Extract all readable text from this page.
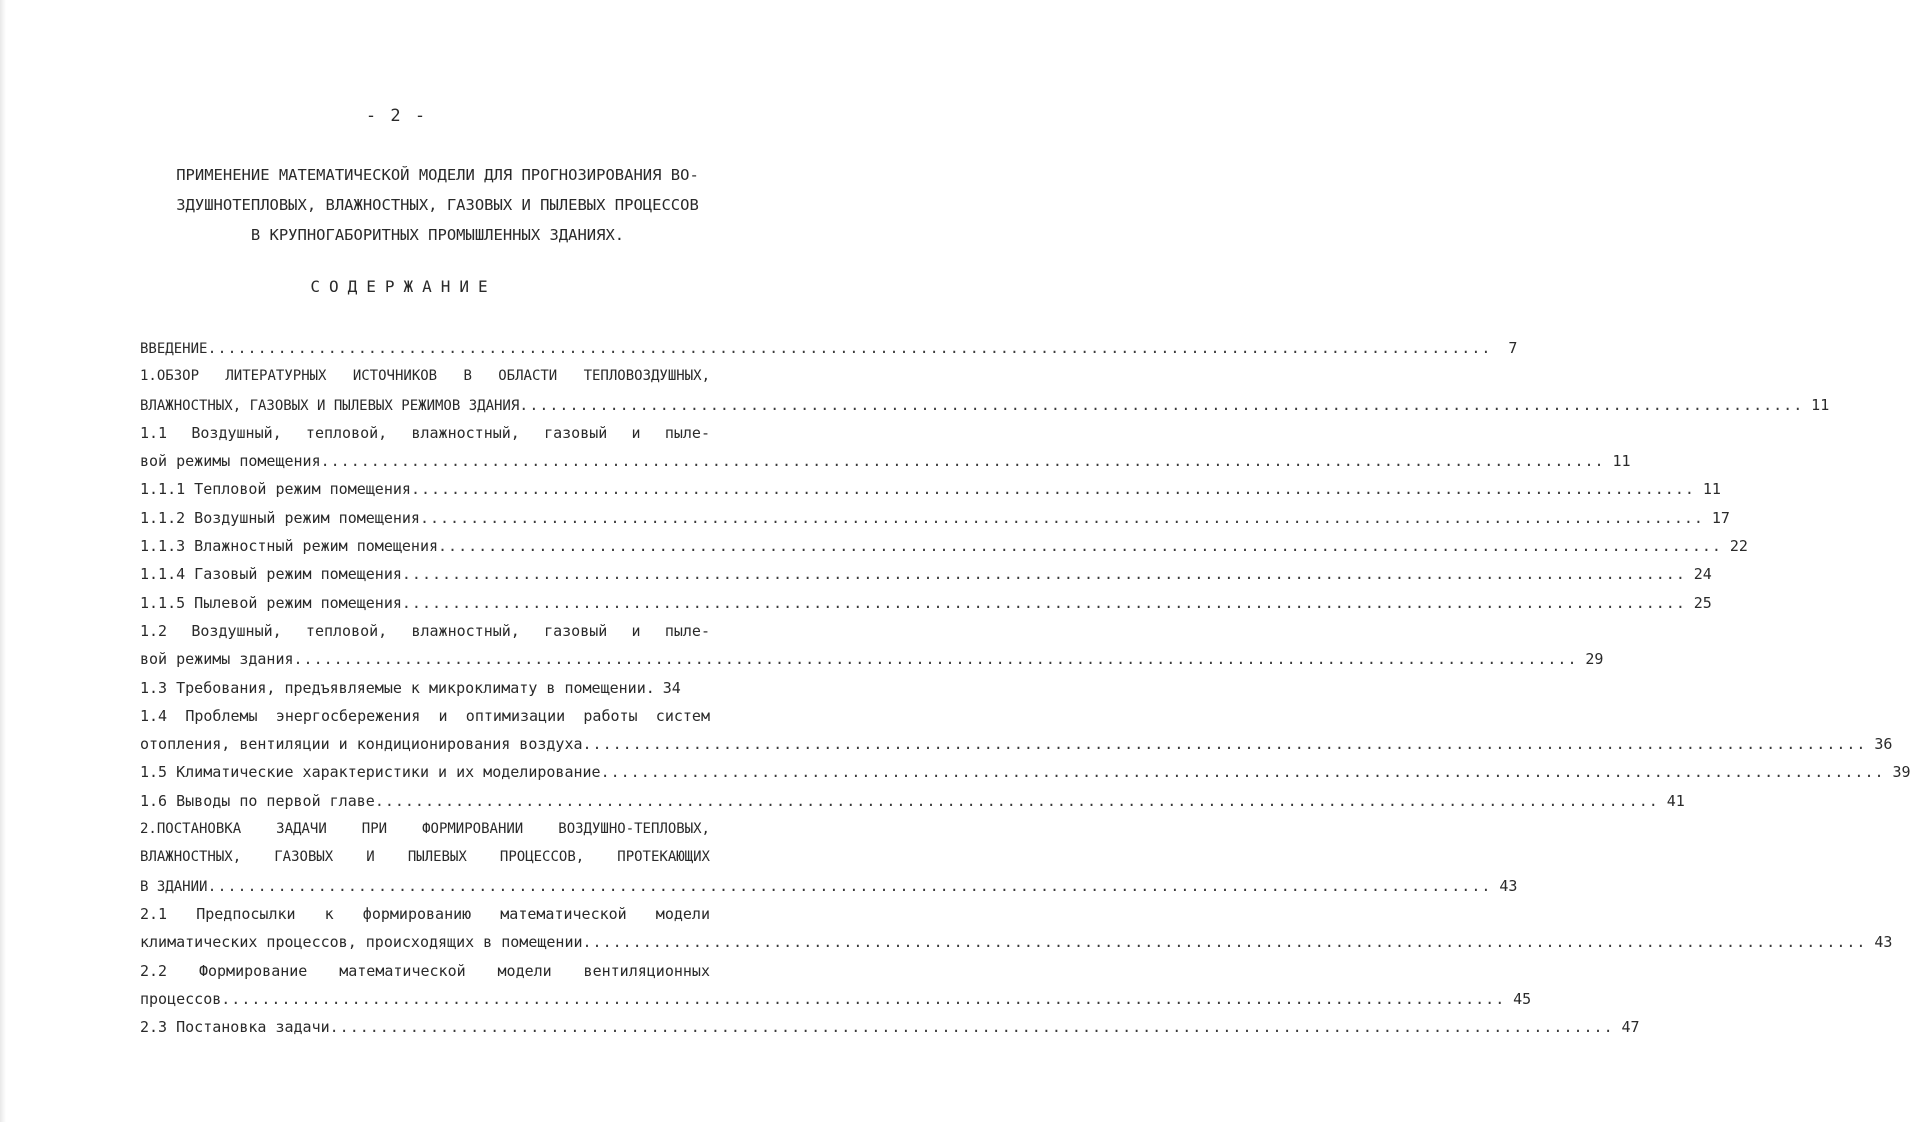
- 2 -
ПРИМЕНЕНИЕ МАТЕМАТИЧЕСКОЙ МОДЕЛИ ДЛЯ ПРОГНОЗИРОВАНИЯ ВО-
ЗДУШНОТЕПЛОВЫХ, ВЛАЖНОСТНЫХ, ГАЗОВЫХ И ПЫЛЕВЫХ ПРОЦЕССОВ
В КРУПНОГАБОРИТНЫХ ПРОМЫШЛЕННЫХ ЗДАНИЯХ.
СОДЕРЖАНИЕ
ВВЕДЕНИЕ ................................................................................................................................	7
1.ОБЗОР ЛИТЕРАТУРНЫХ ИСТОЧНИКОВ В ОБЛАСТИ ТЕПЛОВОЗДУШНЫХ,
ВЛАЖНОСТНЫХ, ГАЗОВЫХ И ПЫЛЕВЫХ РЕЖИМОВ ЗДАНИЯ ................................................................................................................................ 11
1.1 Воздушный, тепловой, влажностный, газовый и пыле-
вой режимы помещения ................................................................................................................................ 11
1.1.1 Тепловой режим помещения ................................................................................................................................ 11
1.1.2 Воздушный режим помещения ................................................................................................................................ 17
1.1.3 Влажностный режим помещения ................................................................................................................................ 22
1.1.4 Газовый режим помещения ................................................................................................................................ 24
1.1.5 Пылевой режим помещения ................................................................................................................................ 25
1.2 Воздушный, тепловой, влажностный, газовый и пыле-
вой режимы здания ................................................................................................................................ 29
1.3 Требования, предъявляемые к микроклимату в помещении. 34
1.4 Проблемы энергосбережения и оптимизации работы систем
отопления, вентиляции и кондиционирования воздуха ................................................................................................................................ 36
1.5 Климатические характеристики и их моделирование ................................................................................................................................ 39
1.6 Выводы по первой главе ................................................................................................................................ 41
2.ПОСТАНОВКА ЗАДАЧИ ПРИ ФОРМИРОВАНИИ ВОЗДУШНО-ТЕПЛОВЫХ,
ВЛАЖНОСТНЫХ, ГАЗОВЫХ И ПЫЛЕВЫХ ПРОЦЕССОВ, ПРОТЕКАЮЩИХ
В ЗДАНИИ ................................................................................................................................ 43
2.1 Предпосылки к формированию математической модели
климатических процессов, происходящих в помещении ................................................................................................................................ 43
2.2 Формирование математической модели вентиляционных
процессов ................................................................................................................................ 45
2.3 Постановка задачи ................................................................................................................................ 47
